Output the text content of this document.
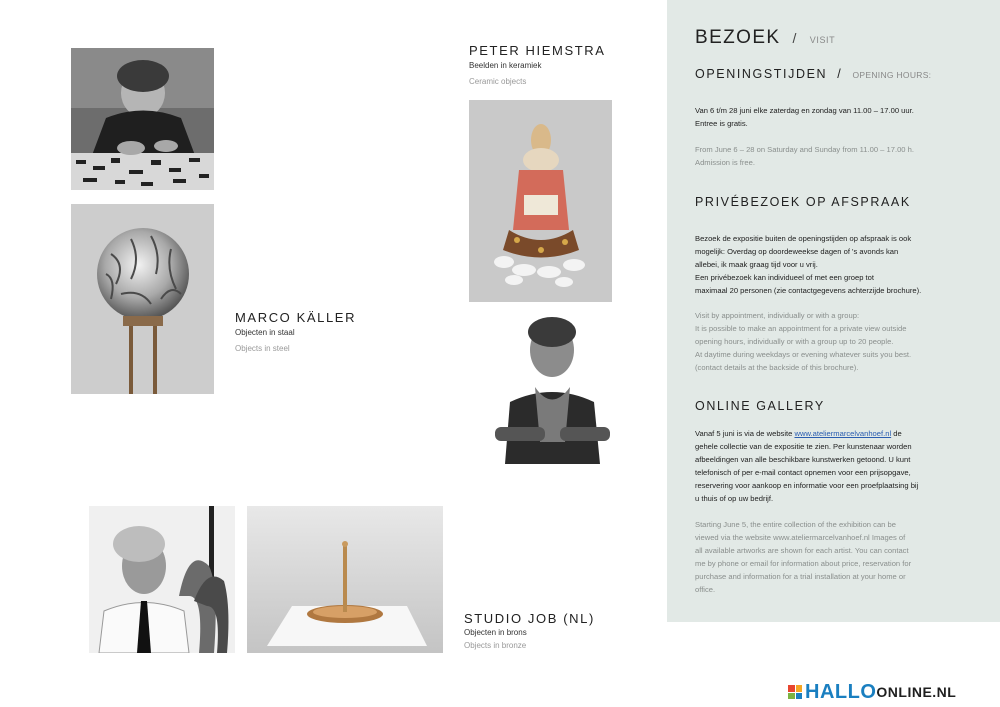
PETER HIEMSTRA
Beelden in keramiek
Ceramic objects
MARCO KÄLLER
Objecten in staal
Objects in steel
STUDIO JOB (NL)
Objecten in brons
Objects in bronze
BEZOEK  /  VISIT
OPENINGSTIJDEN  /  OPENING HOURS:
Van 6 t/m 28 juni elke zaterdag en zondag van 11.00 – 17.00 uur.
Entree is gratis.
From June 6 – 28 on Saturday and Sunday from 11.00 – 17.00 h.
Admission is free.
PRIVÉBEZOEK OP AFSPRAAK
Bezoek de expositie buiten de openingstijden op afspraak is ook
mogelijk: Overdag op doordeweekse dagen of 's avonds kan
allebei, ik maak graag tijd voor u vrij.
Een privébezoek kan individueel of met een groep tot
maximaal 20 personen (zie contactgegevens achterzijde brochure).
Visit by appointment, individually or with a group:
It is possible to make an appointment for a private view outside
opening hours, individually or with a group up to 20 people.
At daytime during weekdays or evening whatever suits you best.
(contact details at the backside of this brochure).
ONLINE GALLERY
Vanaf 5 juni is via de website www.ateliermarcelvanhoef.nl de
gehele collectie van de expositie te zien. Per kunstenaar worden
afbeeldingen van alle beschikbare kunstwerken getoond. U kunt
telefonisch of per e-mail contact opnemen voor een prijsopgave,
reservering voor aankoop en informatie voor een proefplaatsing bij
u thuis of op uw bedrijf.
Starting June 5, the entire collection of the exhibition can be
viewed via the website www.ateliermarcelvanhoef.nl Images of
all available artworks are shown for each artist. You can contact
me by phone or email for information about price, reservation for
purchase and information for a trial installation at your home or
office.
HALLO ONLINE.NL
